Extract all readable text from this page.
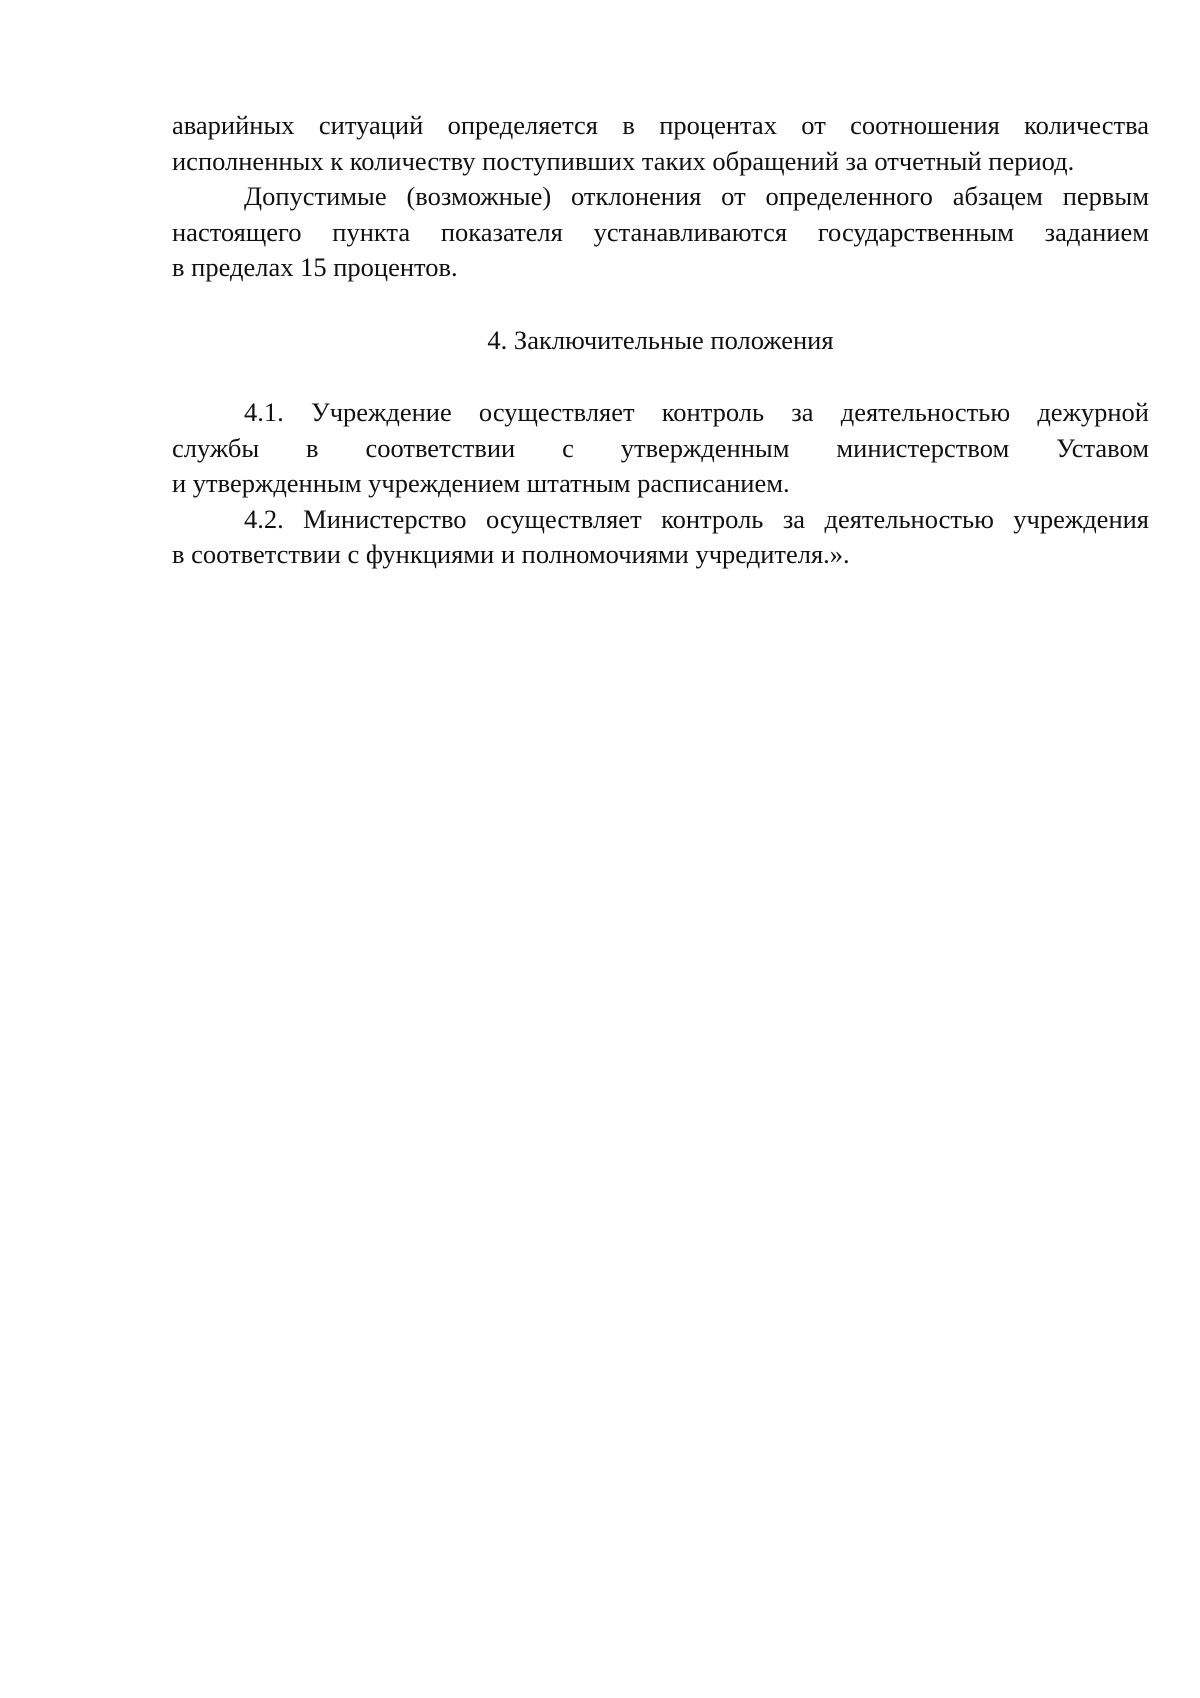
аварийных ситуаций определяется в процентах от соотношения количества
исполненных к количеству поступивших таких обращений за отчетный период.
Допустимые (возможные) отклонения от определенного абзацем первым
настоящего пункта показателя устанавливаются государственным заданием
в пределах 15 процентов.
4. Заключительные положения
4.1. Учреждение осуществляет контроль за деятельностью дежурной
службы в соответствии с утвержденным министерством Уставом
и утвержденным учреждением штатным расписанием.
4.2. Министерство осуществляет контроль за деятельностью учреждения
в соответствии с функциями и полномочиями учредителя.».
